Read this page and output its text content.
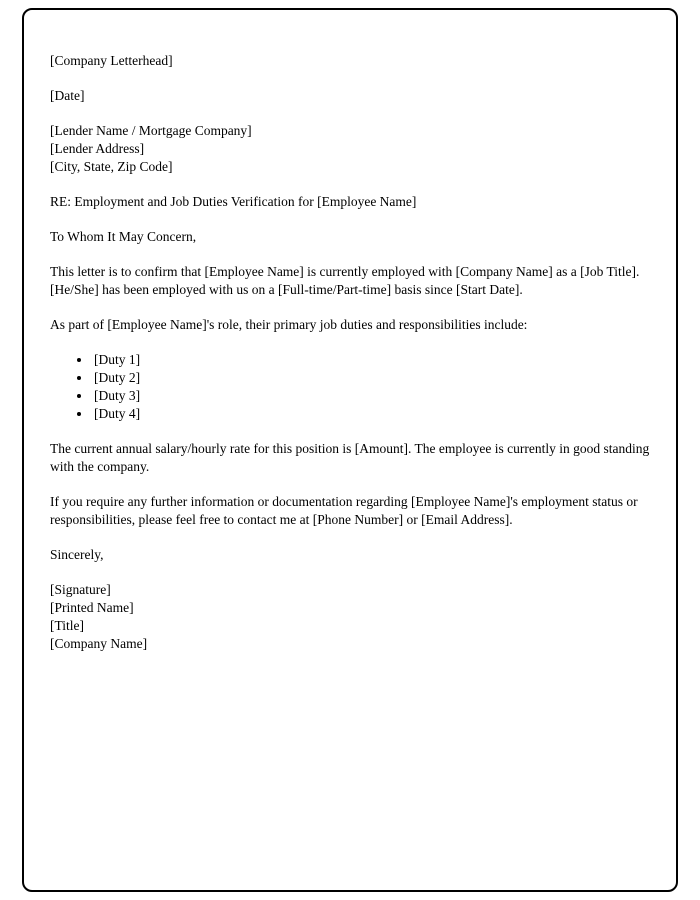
[Company Letterhead]

[Date]

[Lender Name / Mortgage Company]
[Lender Address]
[City, State, Zip Code]

RE: Employment and Job Duties Verification for [Employee Name]

To Whom It May Concern,

This letter is to confirm that [Employee Name] is currently employed with [Company Name] as a [Job Title]. [He/She] has been employed with us on a [Full-time/Part-time] basis since [Start Date].

As part of [Employee Name]'s role, their primary job duties and responsibilities include:

• [Duty 1]
• [Duty 2]
• [Duty 3]
• [Duty 4]

The current annual salary/hourly rate for this position is [Amount]. The employee is currently in good standing with the company.

If you require any further information or documentation regarding [Employee Name]'s employment status or responsibilities, please feel free to contact me at [Phone Number] or [Email Address].

Sincerely,

[Signature]
[Printed Name]
[Title]
[Company Name]
